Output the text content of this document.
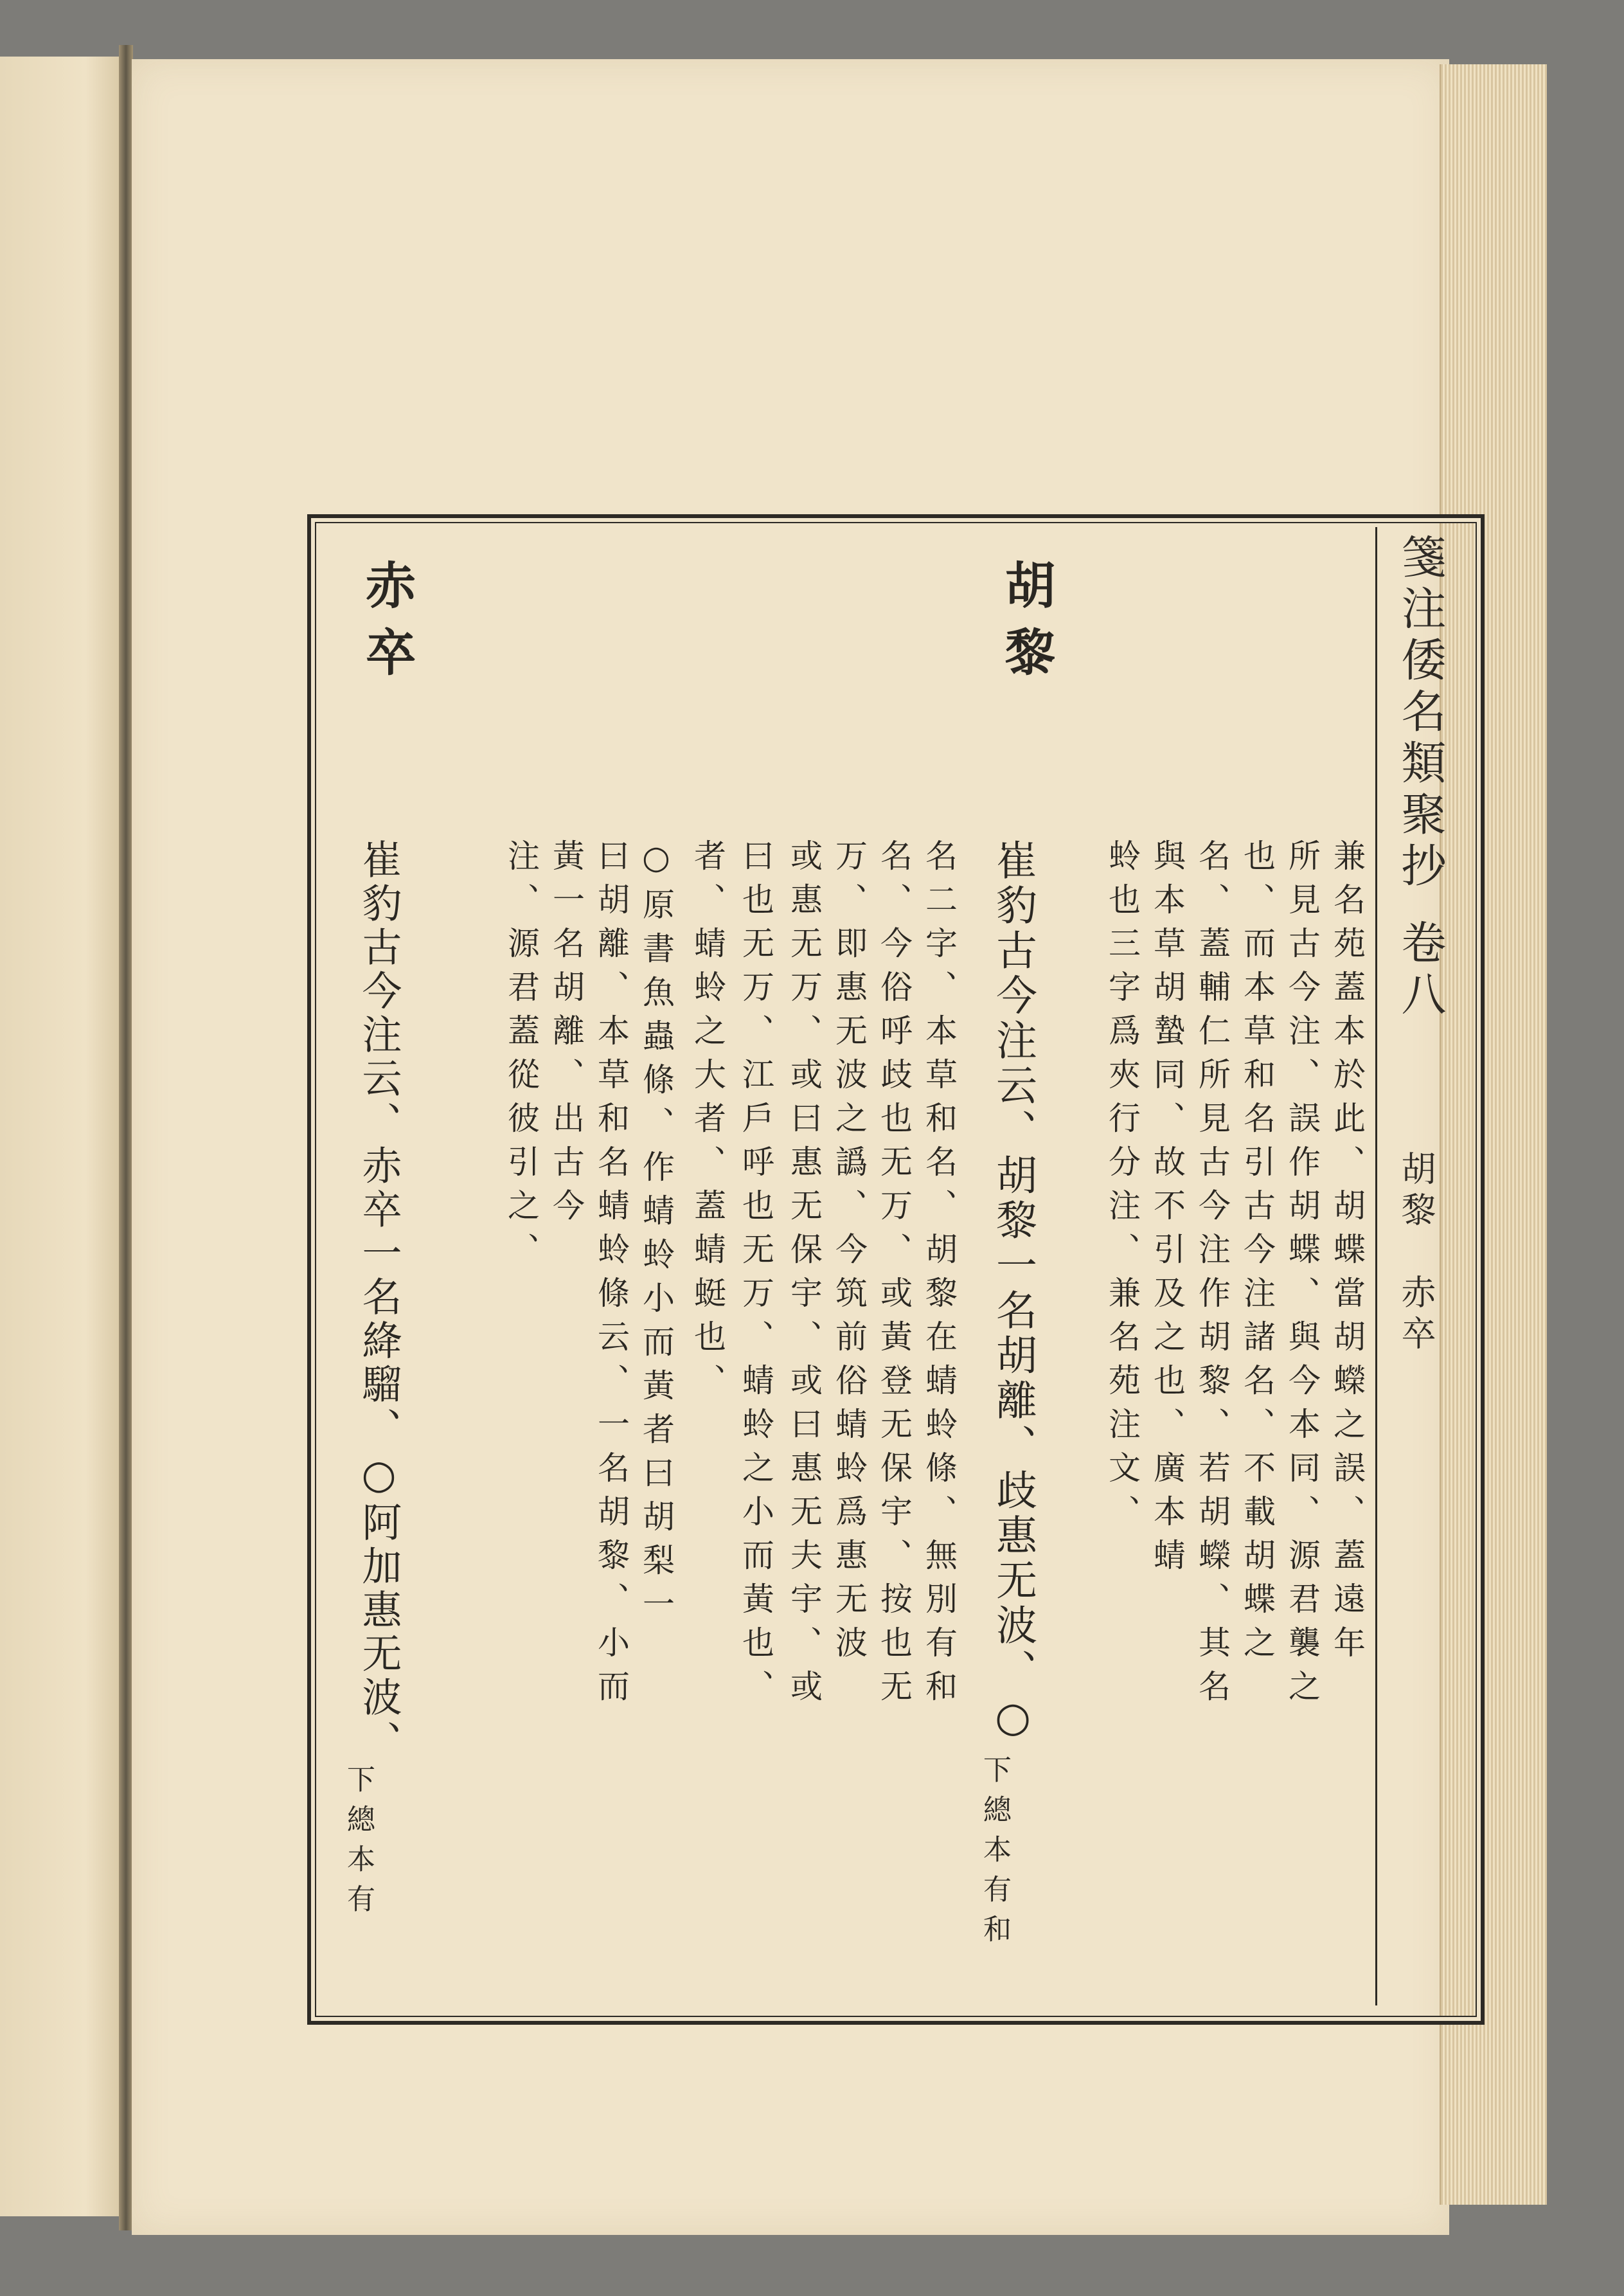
箋注倭名類聚抄
卷八
胡黎　赤卒
胡黎
赤卒
兼名苑蓋本於此、胡蝶當胡蠑之誤、蓋遠年
所見古今注、誤作胡蝶、與今本同、源君襲之
也、而本草和名引古今注諸名、不載胡蝶之
名、蓋輔仁所見古今注作胡黎、若胡蠑、其名
與本草胡蟄同、故不引及之也、廣本蜻
蛉也三字爲夾行分注、兼名苑注文、
崔豹古今注云、胡黎一名胡離、歧惠无波、○
名二字、本草和名、胡黎在蜻蛉條、無別有和
名、今俗呼歧也无万、或黃登无保宇、按也无
万、即惠无波之譌、今筑前俗蜻蛉爲惠无波
或惠无万、或曰惠无保宇、或曰惠无夫宇、或
曰也无万、江戶呼也无万、蜻蛉之小而黃也、
者、蜻蛉之大者、蓋蜻蜓也、
○原書魚蟲條、作蜻蛉小而黃者曰胡梨一
曰胡離、本草和名蜻蛉條云、一名胡黎、小而
黃一名胡離、出古今
注、源君蓋從彼引之、
崔豹古今注云、赤卒一名絳騮、○阿加惠无波、
下總本有和
下總本有
